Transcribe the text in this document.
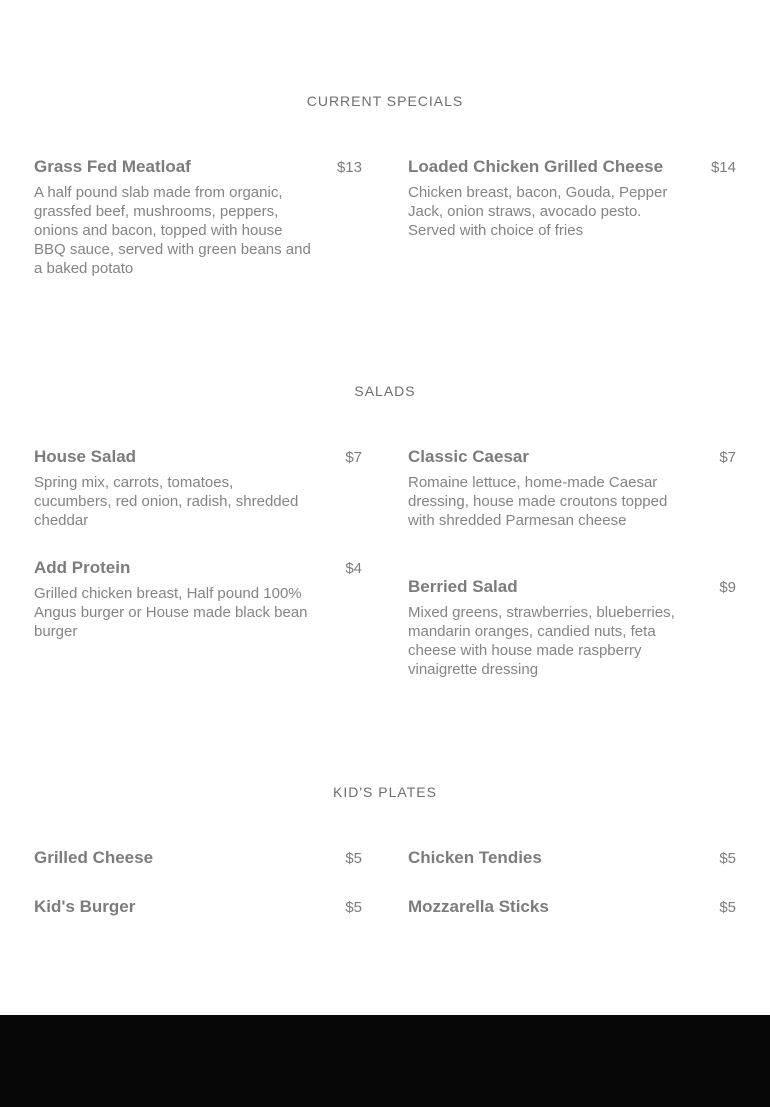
CURRENT SPECIALS
Grass Fed Meatloaf	$13
A half pound slab made from organic, grassfed beef, mushrooms, peppers, onions and bacon, topped with house BBQ sauce, served with green beans and a baked potato
Loaded Chicken Grilled Cheese	$14
Chicken breast, bacon, Gouda, Pepper Jack, onion straws, avocado pesto. Served with choice of fries
SALADS
House Salad	$7
Spring mix, carrots, tomatoes, cucumbers, red onion, radish, shredded cheddar
Classic Caesar	$7
Romaine lettuce, home-made Caesar dressing, house made croutons topped with shredded Parmesan cheese
Add Protein	$4
Grilled chicken breast, Half pound 100% Angus burger or House made black bean burger
Berried Salad	$9
Mixed greens, strawberries, blueberries, mandarin oranges, candied nuts, feta cheese with house made raspberry vinaigrette dressing
KID'S PLATES
Grilled Cheese	$5	Chicken Tendies	$5
Kid's Burger	$5	Mozzarella Sticks	$5
